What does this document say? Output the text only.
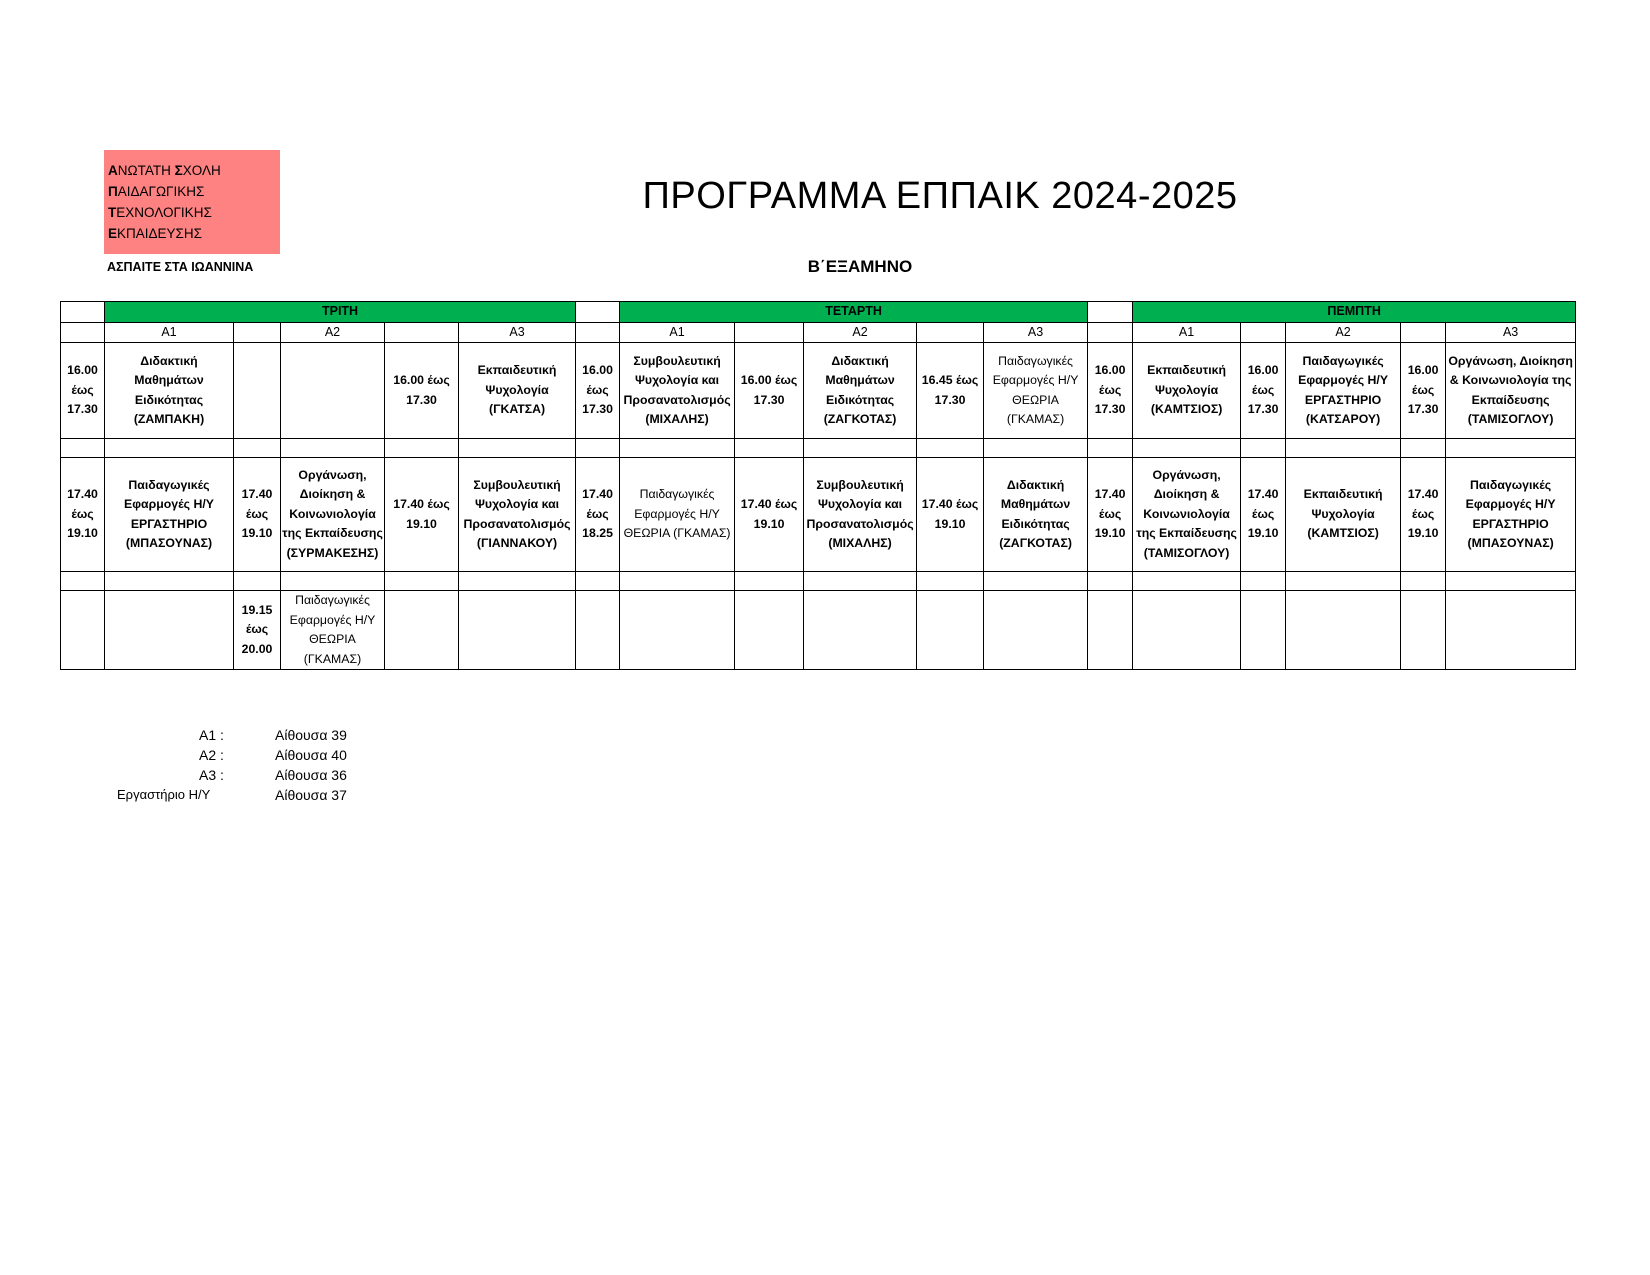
ΑΝΩΤΑΤΗ ΣΧΟΛΗ
ΠΑΙΔΑΓΩΓΙΚΗΣ
ΤΕΧΝΟΛΟΓΙΚΗΣ
ΕΚΠΑΙΔΕΥΣΗΣ
ΑΣΠΑΙΤΕ ΣΤΑ ΙΩΑΝΝΙΝΑ
ΠΡΟΓΡΑΜΜΑ ΕΠΠΑΙΚ 2024-2025
Β΄ΕΞΑΜΗΝΟ
	ΤΡΙΤΗ						ΤΕΤΑΡΤΗ						ΠΕΜΠΤΗ				
	Α1		Α2		Α3		Α1		Α2		Α3		Α1		Α2		Α3
16.00 έως 17.30	Διδακτική Μαθημάτων Ειδικότητας (ΖΑΜΠΑΚΗ)			16.00 έως 17.30	Εκπαιδευτική Ψυχολογία (ΓΚΑΤΣΑ)	16.00 έως 17.30	Συμβουλευτική Ψυχολογία και Προσανατολισμός (ΜΙΧΑΛΗΣ)	16.00 έως 17.30	Διδακτική Μαθημάτων Ειδικότητας (ΖΑΓΚΟΤΑΣ)	16.45 έως 17.30	Παιδαγωγικές Εφαρμογές Η/Υ ΘΕΩΡΙΑ (ΓΚΑΜΑΣ)	16.00 έως 17.30	Εκπαιδευτική Ψυχολογία (ΚΑΜΤΣΙΟΣ)	16.00 έως 17.30	Παιδαγωγικές Εφαρμογές Η/Υ ΕΡΓΑΣΤΗΡΙΟ (ΚΑΤΣΑΡΟΥ)	16.00 έως 17.30	Οργάνωση, Διοίκηση & Κοινωνιολογία της Εκπαίδευσης (ΤΑΜΙΣΟΓΛΟΥ)

17.40 έως 19.10	Παιδαγωγικές Εφαρμογές Η/Υ ΕΡΓΑΣΤΗΡΙΟ (ΜΠΑΣΟΥΝΑΣ)	17.40 έως 19.10	Οργάνωση, Διοίκηση & Κοινωνιολογία της Εκπαίδευσης (ΣΥΡΜΑΚΕΣΗΣ)	17.40 έως 19.10	Συμβουλευτική Ψυχολογία και Προσανατολισμός (ΓΙΑΝΝΑΚΟΥ)	17.40 έως 18.25	Παιδαγωγικές Εφαρμογές Η/Υ ΘΕΩΡΙΑ (ΓΚΑΜΑΣ)	17.40 έως 19.10	Συμβουλευτική Ψυχολογία και Προσανατολισμός (ΜΙΧΑΛΗΣ)	17.40 έως 19.10	Διδακτική Μαθημάτων Ειδικότητας (ΖΑΓΚΟΤΑΣ)	17.40 έως 19.10	Οργάνωση, Διοίκηση & Κοινωνιολογία της Εκπαίδευσης (ΤΑΜΙΣΟΓΛΟΥ)	17.40 έως 19.10	Εκπαιδευτική Ψυχολογία (ΚΑΜΤΣΙΟΣ)	17.40 έως 19.10	Παιδαγωγικές Εφαρμογές Η/Υ ΕΡΓΑΣΤΗΡΙΟ (ΜΠΑΣΟΥΝΑΣ)

		19.15 έως 20.00	Παιδαγωγικές Εφαρμογές Η/Υ ΘΕΩΡΙΑ (ΓΚΑΜΑΣ)														
Α1 :	Αίθουσα 39
Α2 :	Αίθουσα 40
Α3 :	Αίθουσα 36
Εργαστήριο Η/Υ	Αίθουσα 37
